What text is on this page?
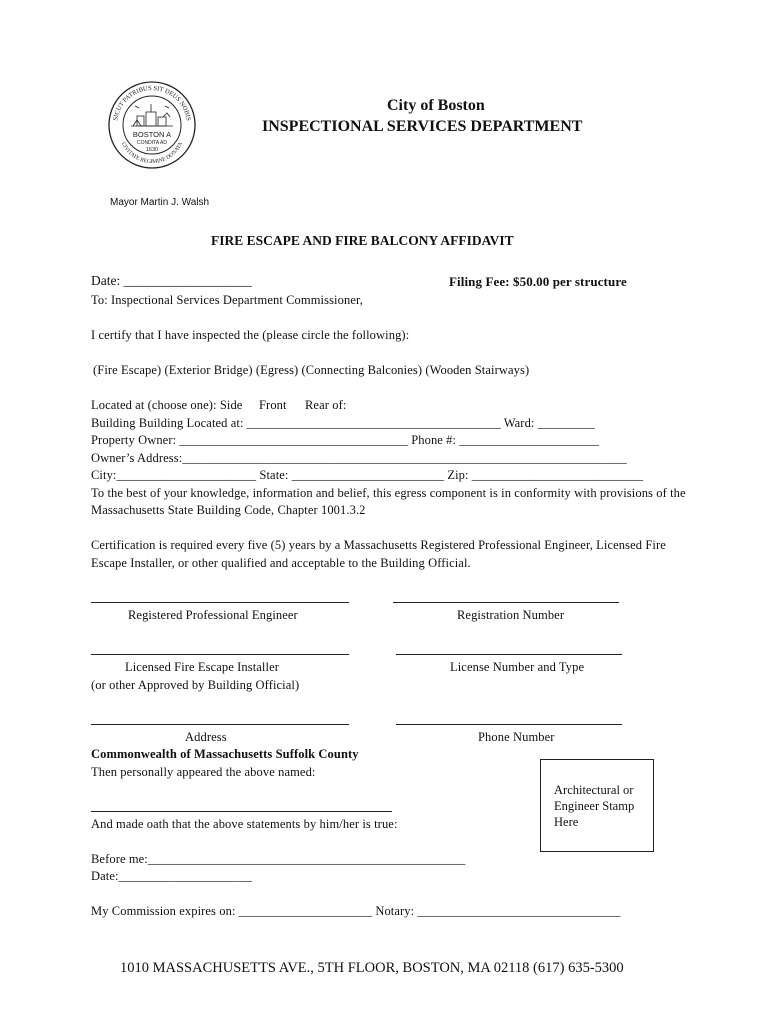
SICUT PATRIBUS SIT DEUS NOBIS
CIVITATE REGIMINE DONATA
BOSTON A
CONDITA AD
1630
City of Boston
INSPECTIONAL SERVICES DEPARTMENT
Mayor Martin J. Walsh
FIRE ESCAPE AND FIRE BALCONY AFFIDAVIT
Date: ___________________	Filing Fee: $50.00 per structure
To: Inspectional Services Department Commissioner,
I certify that I have inspected the (please circle the following):
(Fire Escape) (Exterior Bridge) (Egress) (Connecting Balconies) (Wooden Stairways)
Located at (choose one): Side Front Rear of:
Building Building Located at: ________________________________________ Ward: _________
Property Owner: ____________________________________ Phone #: ______________________
Owner’s Address:______________________________________________________________________
City:______________________ State: ________________________ Zip: ___________________________
To the best of your knowledge, information and belief, this egress component is in conformity with provisions of the
Massachusetts State Building Code, Chapter 1001.3.2
Certification is required every five (5) years by a Massachusetts Registered Professional Engineer, Licensed Fire
Escape Installer, or other qualified and acceptable to the Building Official.
Registered Professional Engineer	Registration Number
Licensed Fire Escape Installer	License Number and Type
(or other Approved by Building Official)
Address	Phone Number
Commonwealth of Massachusetts Suffolk County
Then personally appeared the above named:
And made oath that the above statements by him/her is true:
Architectural or Engineer Stamp Here
Before me:__________________________________________________
Date:_____________________
My Commission expires on: _____________________ Notary: ________________________________
1010 MASSACHUSETTS AVE., 5TH FLOOR, BOSTON, MA 02118 (617) 635-5300
